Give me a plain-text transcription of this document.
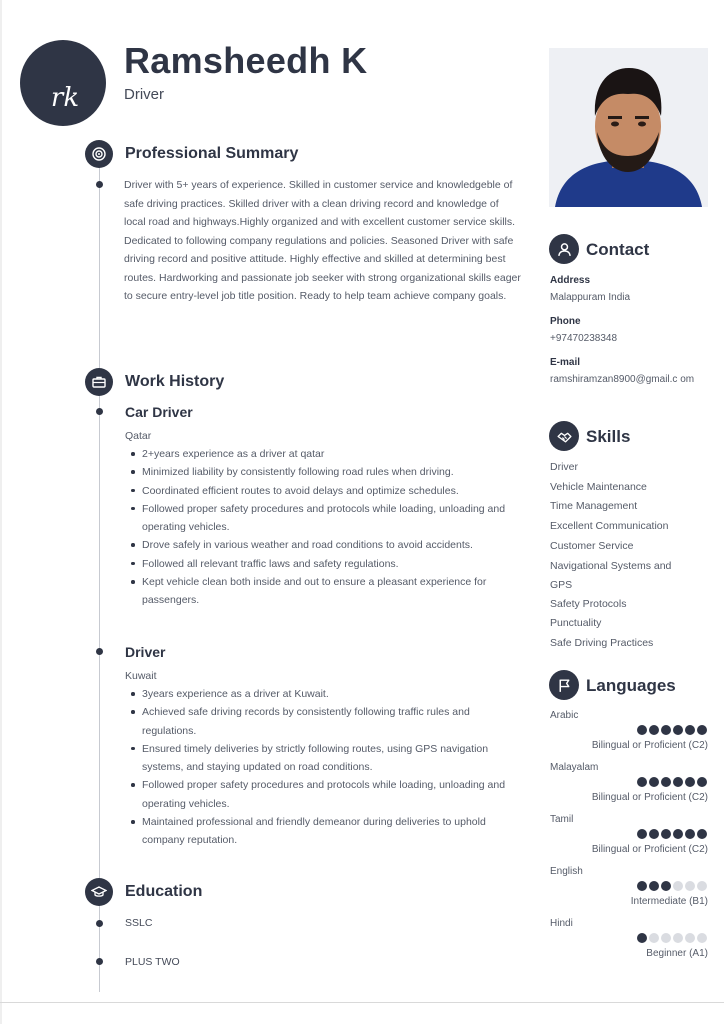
rk
Ramsheedh K
Driver
Professional Summary
Driver with 5+ years of experience. Skilled in customer service and knowledgeble of safe driving practices. Skilled driver with a clean driving record and knowledge of local road and highways.Highly organized and with excellent customer service skills. Dedicated to following company regulations and policies. Seasoned Driver with safe driving record and positive attitude. Highly effective and skilled at determining best routes. Hardworking and passionate job seeker with strong organizational skills eager to secure entry-level job title position. Ready to help team achieve company goals.
Work History
Car Driver
Qatar
2+years experience as a driver at qatar
Minimized liability by consistently following road rules when driving.
Coordinated efficient routes to avoid delays and optimize schedules.
Followed proper safety procedures and protocols while loading, unloading and operating vehicles.
Drove safely in various weather and road conditions to avoid accidents.
Followed all relevant traffic laws and safety regulations.
Kept vehicle clean both inside and out to ensure a pleasant experience for passengers.
Driver
Kuwait
3years experience as a driver at Kuwait.
Achieved safe driving records by consistently following traffic rules and regulations.
Ensured timely deliveries by strictly following routes, using GPS navigation systems, and staying updated on road conditions.
Followed proper safety procedures and protocols while loading, unloading and operating vehicles.
Maintained professional and friendly demeanor during deliveries to uphold company reputation.
Education
SSLC
PLUS TWO
Contact
Address
Malappuram India
Phone
+97470238348
E-mail
ramshiramzan8900@gmail.c om
Skills
Driver
Vehicle Maintenance
Time Management
Excellent Communication
Customer Service
Navigational Systems and GPS
Safety Protocols
Punctuality
Safe Driving Practices
Languages
Arabic
Bilingual or Proficient (C2)
Malayalam
Bilingual or Proficient (C2)
Tamil
Bilingual or Proficient (C2)
English
Intermediate (B1)
Hindi
Beginner (A1)
